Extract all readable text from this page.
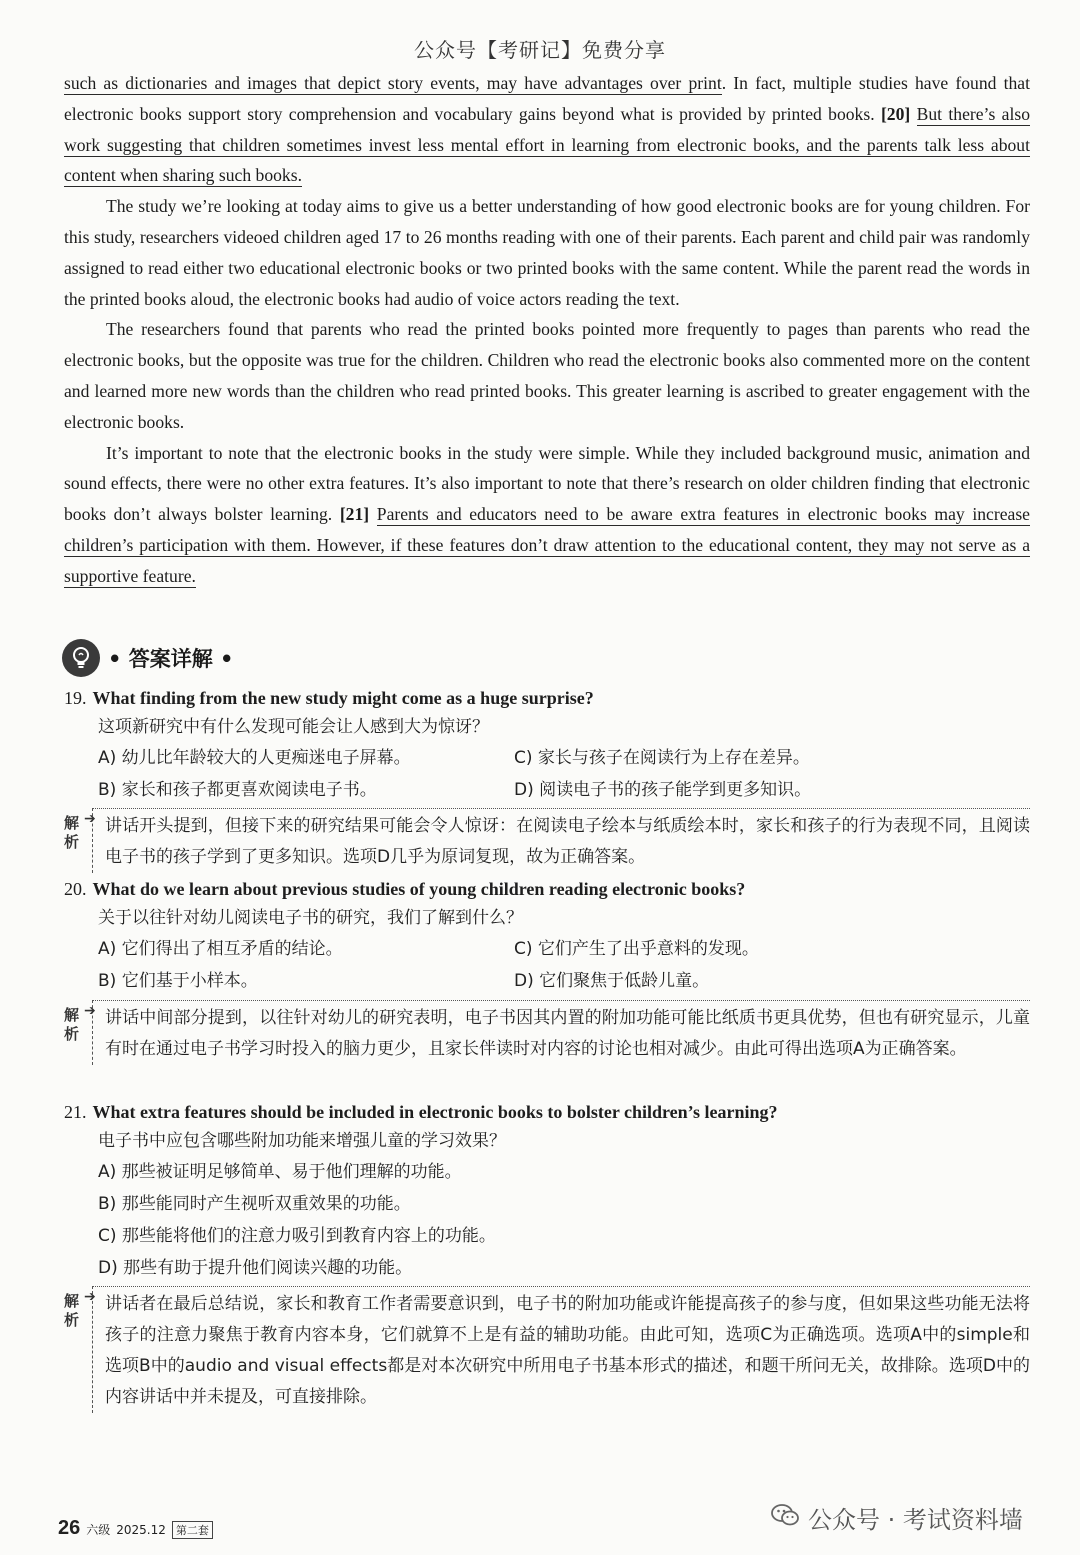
公众号【考研记】免费分享

such as dictionaries and images that depict story events, may have advantages over print. In fact, multiple studies have found that electronic books support story comprehension and vocabulary gains beyond what is provided by printed books. [20] But there’s also work suggesting that children sometimes invest less mental effort in learning from electronic books, and the parents talk less about content when sharing such books.

The study we’re looking at today aims to give us a better understanding of how good electronic books are for young children. For this study, researchers videoed children aged 17 to 26 months reading with one of their parents. Each parent and child pair was randomly assigned to read either two educational electronic books or two printed books with the same content. While the parent read the words in the printed books aloud, the electronic books had audio of voice actors reading the text.

The researchers found that parents who read the printed books pointed more frequently to pages than parents who read the electronic books, but the opposite was true for the children. Children who read the electronic books also commented more on the content and learned more new words than the children who read printed books. This greater learning is ascribed to greater engagement with the electronic books.

It’s important to note that the electronic books in the study were simple. While they included background music, animation and sound effects, there were no other extra features. It’s also important to note that there’s research on older children finding that electronic books don’t always bolster learning. [21] Parents and educators need to be aware extra features in electronic books may increase children’s participation with them. However, if these features don’t draw attention to the educational content, they may not serve as a supportive feature.

• 答案详解 •
19. What finding from the new study might come as a huge surprise?
这项新研究中有什么发现可能会让人感到大为惊讶？
A) 幼儿比年龄较大的人更痴迷电子屏幕。	C) 家长与孩子在阅读行为上存在差异。
B) 家长和孩子都更喜欢阅读电子书。	D) 阅读电子书的孩子能学到更多知识。
解析
➔ 讲话开头提到，但接下来的研究结果可能会令人惊讶：在阅读电子绘本与纸质绘本时，家长和孩子的行为表现不同，且阅读电子书的孩子学到了更多知识。选项D几乎为原词复现，故为正确答案。
20. What do we learn about previous studies of young children reading electronic books?
关于以往针对幼儿阅读电子书的研究，我们了解到什么？
A) 它们得出了相互矛盾的结论。	C) 它们产生了出乎意料的发现。
B) 它们基于小样本。	D) 它们聚焦于低龄儿童。
解析
➔ 讲话中间部分提到，以往针对幼儿的研究表明，电子书因其内置的附加功能可能比纸质书更具优势，但也有研究显示，儿童有时在通过电子书学习时投入的脑力更少，且家长伴读时对内容的讨论也相对减少。由此可得出选项A为正确答案。
21. What extra features should be included in electronic books to bolster children’s learning?
电子书中应包含哪些附加功能来增强儿童的学习效果？
A) 那些被证明足够简单、易于他们理解的功能。
B) 那些能同时产生视听双重效果的功能。
C) 那些能将他们的注意力吸引到教育内容上的功能。
D) 那些有助于提升他们阅读兴趣的功能。
解析
➔ 讲话者在最后总结说，家长和教育工作者需要意识到，电子书的附加功能或许能提高孩子的参与度，但如果这些功能无法将孩子的注意力聚焦于教育内容本身，它们就算不上是有益的辅助功能。由此可知，选项C为正确选项。选项A中的simple和选项B中的audio and visual effects都是对本次研究中所用电子书基本形式的描述，和题干所问无关，故排除。选项D中的内容讲话中并未提及，可直接排除。
26 六级 2025.12 第二套	公众号 · 考试资料墙
